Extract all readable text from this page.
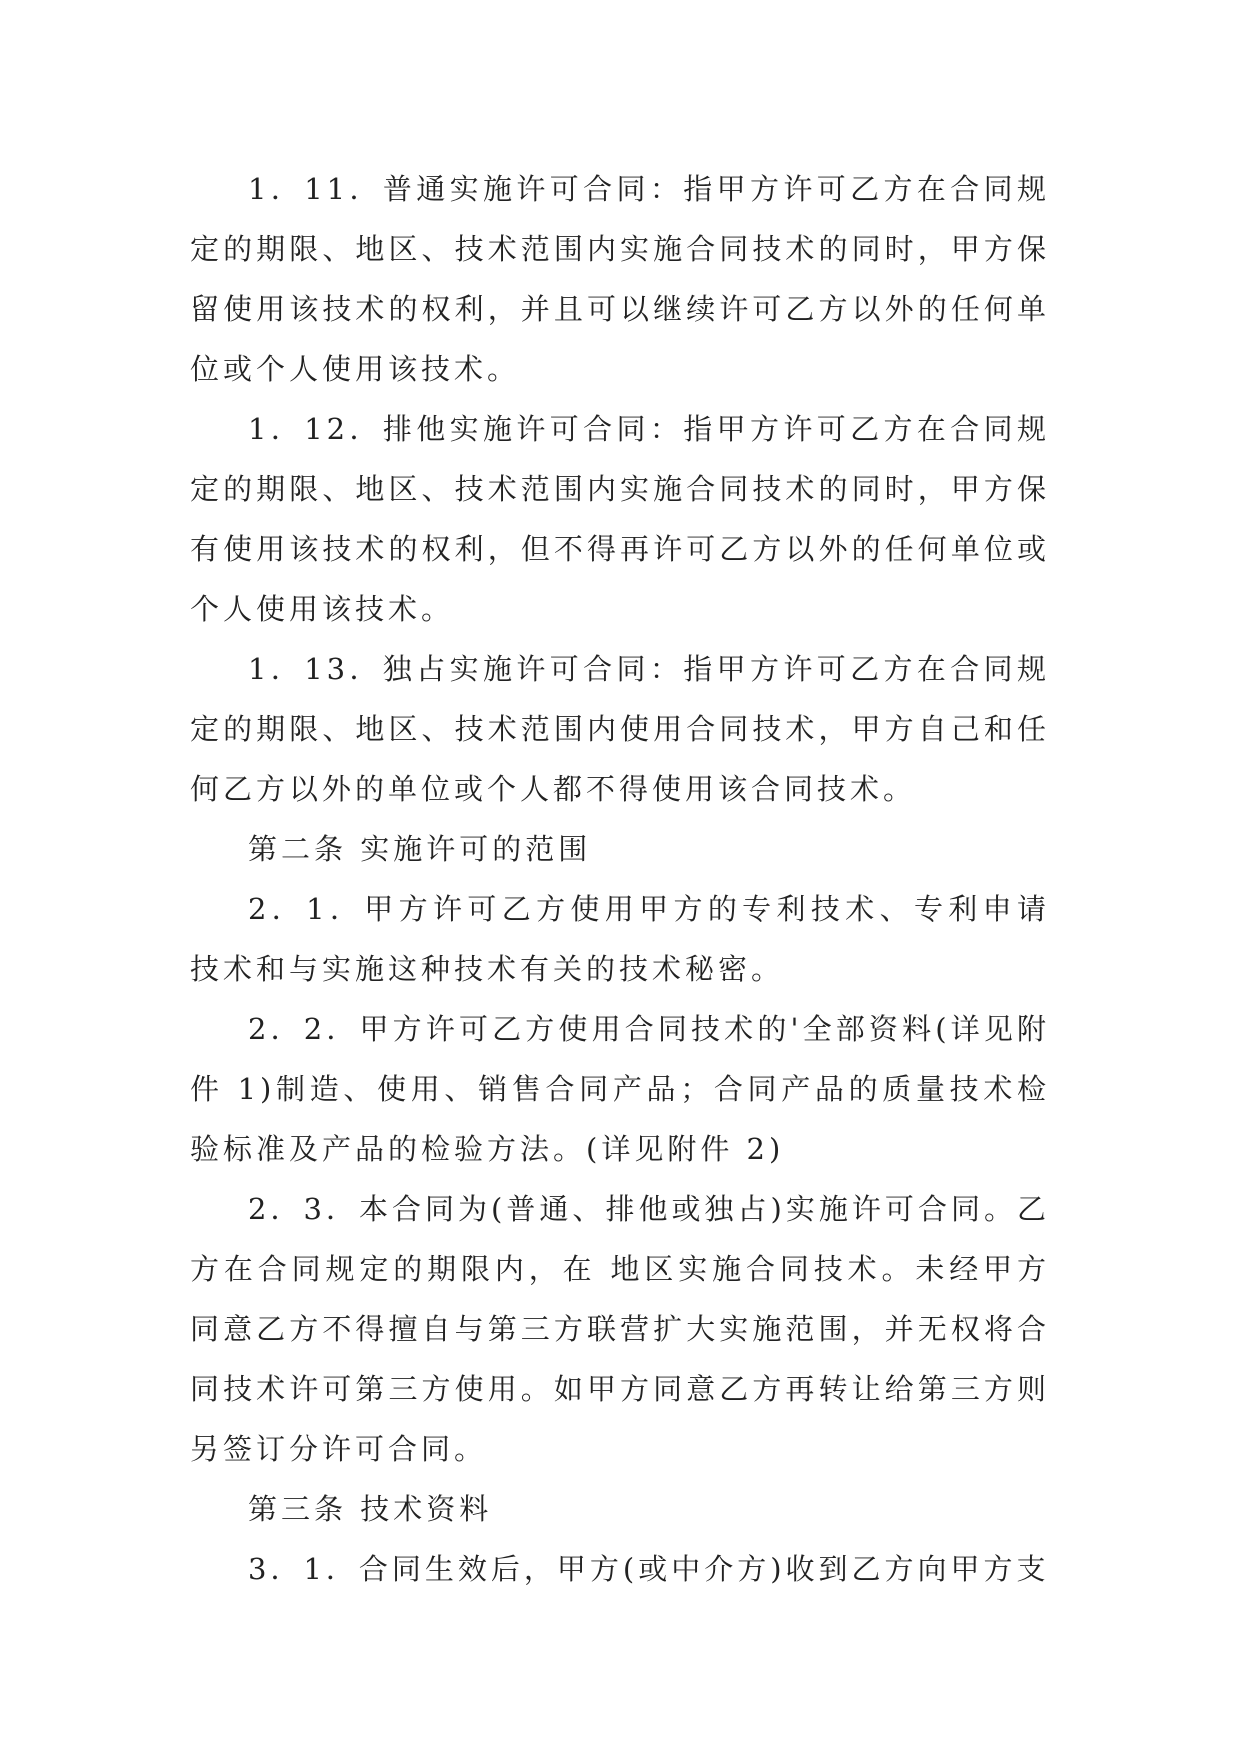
1．11．普通实施许可合同：指甲方许可乙方在合同规定的期限、地区、技术范围内实施合同技术的同时，甲方保留使用该技术的权利，并且可以继续许可乙方以外的任何单位或个人使用该技术。

1．12．排他实施许可合同：指甲方许可乙方在合同规定的期限、地区、技术范围内实施合同技术的同时，甲方保有使用该技术的权利，但不得再许可乙方以外的任何单位或个人使用该技术。

1．13．独占实施许可合同：指甲方许可乙方在合同规定的期限、地区、技术范围内使用合同技术，甲方自己和任何乙方以外的单位或个人都不得使用该合同技术。

第二条 实施许可的范围

2．1．甲方许可乙方使用甲方的专利技术、专利申请技术和与实施这种技术有关的技术秘密。

2．2．甲方许可乙方使用合同技术的'全部资料(详见附件 1)制造、使用、销售合同产品；合同产品的质量技术检验标准及产品的检验方法。(详见附件 2)

2．3．本合同为(普通、排他或独占)实施许可合同。乙方在合同规定的期限内，在 地区实施合同技术。未经甲方同意乙方不得擅自与第三方联营扩大实施范围，并无权将合同技术许可第三方使用。如甲方同意乙方再转让给第三方则另签订分许可合同。

第三条 技术资料

3．1．合同生效后，甲方(或中介方)收到乙方向甲方支
